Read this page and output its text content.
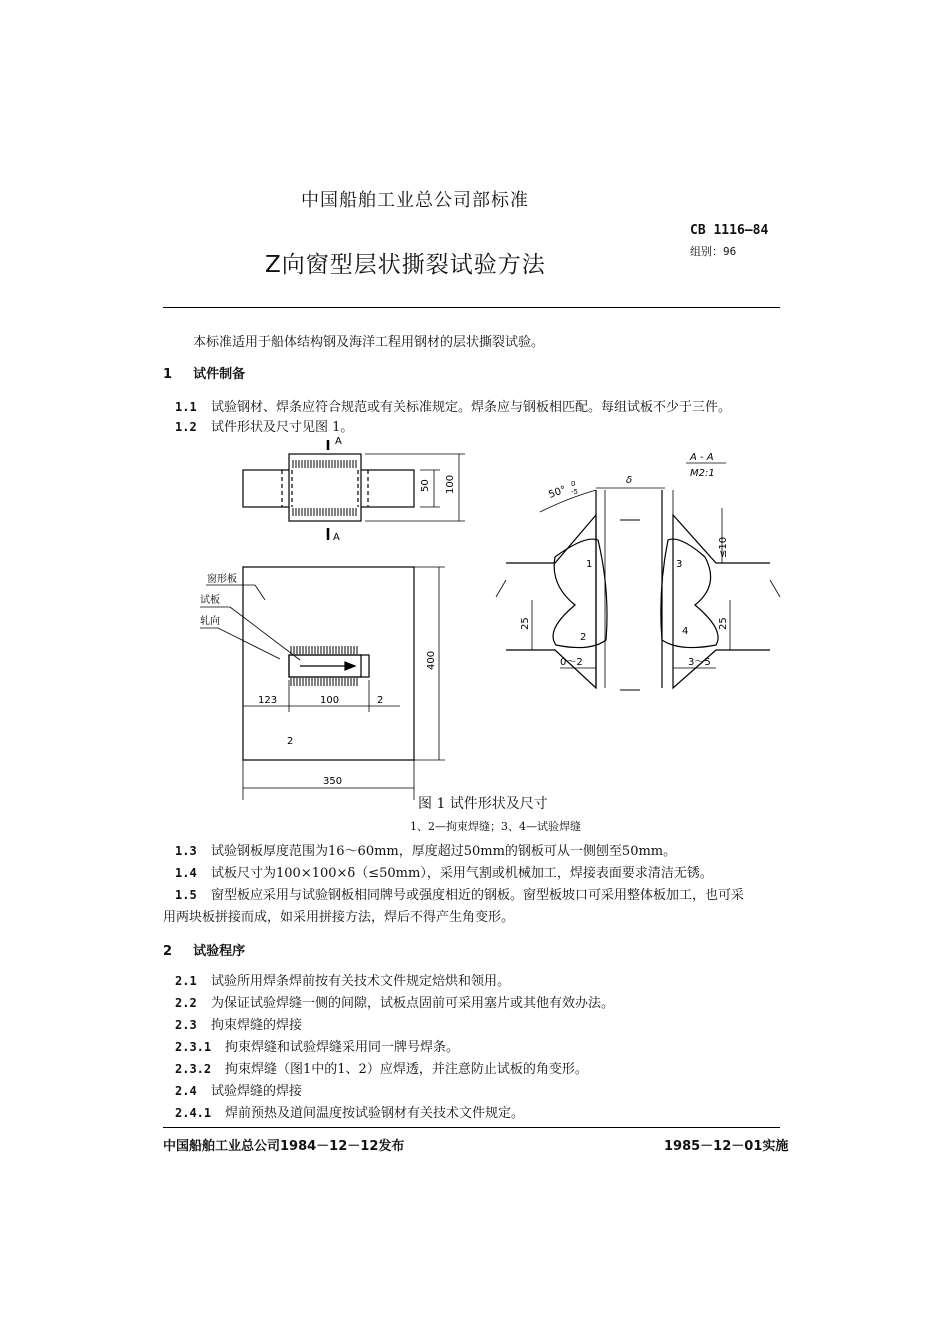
中国船舶工业总公司部标准
CB 1116—84
组别：96
Z向窗型层状撕裂试验方法
本标准适用于船体结构钢及海洋工程用钢材的层状撕裂试验。
1 试件制备
1.1 试验钢材、焊条应符合规范或有关标准规定。焊条应与钢板相匹配。每组试板不少于三件。
1.2 试件形状及尺寸见图 1。
A
A
50 100
窗形板
试板
轧向
123	100	2
2
400
350
A - A
M2:1
δ
50°
0
-5
≤10
25	25
0～2	3～5
1
2
3
4
图 1 试件形状及尺寸
1、2—拘束焊缝；3、4—试验焊缝
1.3 试验钢板厚度范围为16～60mm，厚度超过50mm的钢板可从一侧刨至50mm。
1.4 试板尺寸为100×100×δ（≤50mm），采用气割或机械加工，焊接表面要求清洁无锈。
1.5 窗型板应采用与试验钢板相同牌号或强度相近的钢板。窗型板坡口可采用整体板加工，也可采
用两块板拼接而成，如采用拼接方法，焊后不得产生角变形。
2 试验程序
2.1 试验所用焊条焊前按有关技术文件规定焙烘和领用。
2.2 为保证试验焊缝一侧的间隙，试板点固前可采用塞片或其他有效办法。
2.3 拘束焊缝的焊接
2.3.1 拘束焊缝和试验焊缝采用同一牌号焊条。
2.3.2 拘束焊缝（图1中的1、2）应焊透，并注意防止试板的角变形。
2.4 试验焊缝的焊接
2.4.1 焊前预热及道间温度按试验钢材有关技术文件规定。
中国船舶工业总公司1984－12－12发布	1985－12－01实施
